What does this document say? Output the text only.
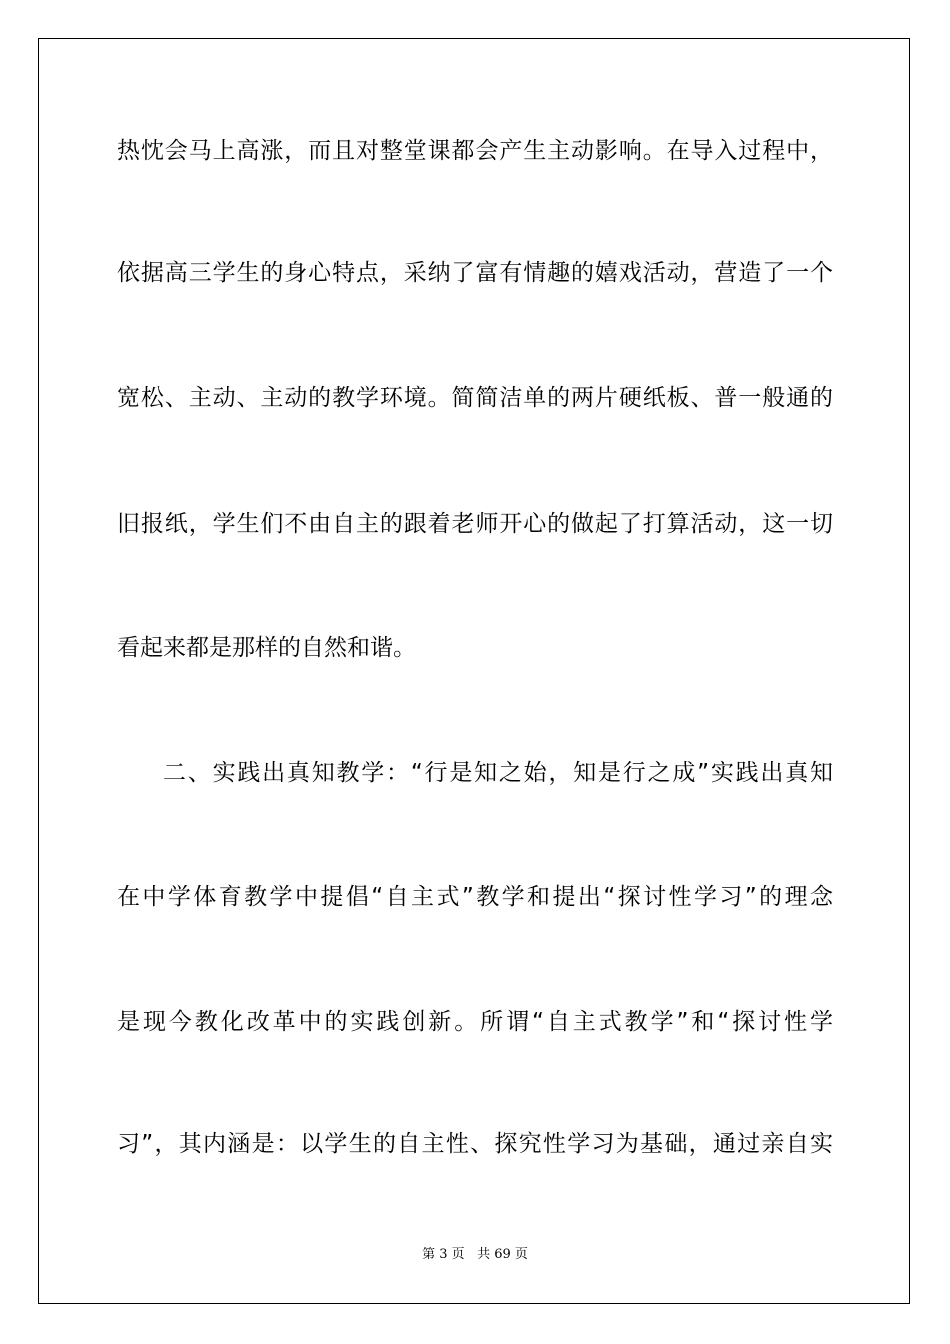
热忱会马上高涨，而且对整堂课都会产生主动影响。在导入过程中，
依据高三学生的身心特点，采纳了富有情趣的嬉戏活动，营造了一个
宽松、主动、主动的教学环境。简简洁单的两片硬纸板、普一般通的
旧报纸，学生们不由自主的跟着老师开心的做起了打算活动，这一切
看起来都是那样的自然和谐。
二、实践出真知教学：“行是知之始，知是行之成”实践出真知
在中学体育教学中提倡“自主式”教学和提出“探讨性学习”的理念
是现今教化改革中的实践创新。所谓“自主式教学”和“探讨性学
习”，其内涵是：以学生的自主性、探究性学习为基础，通过亲自实
第 3 页 共 69 页
